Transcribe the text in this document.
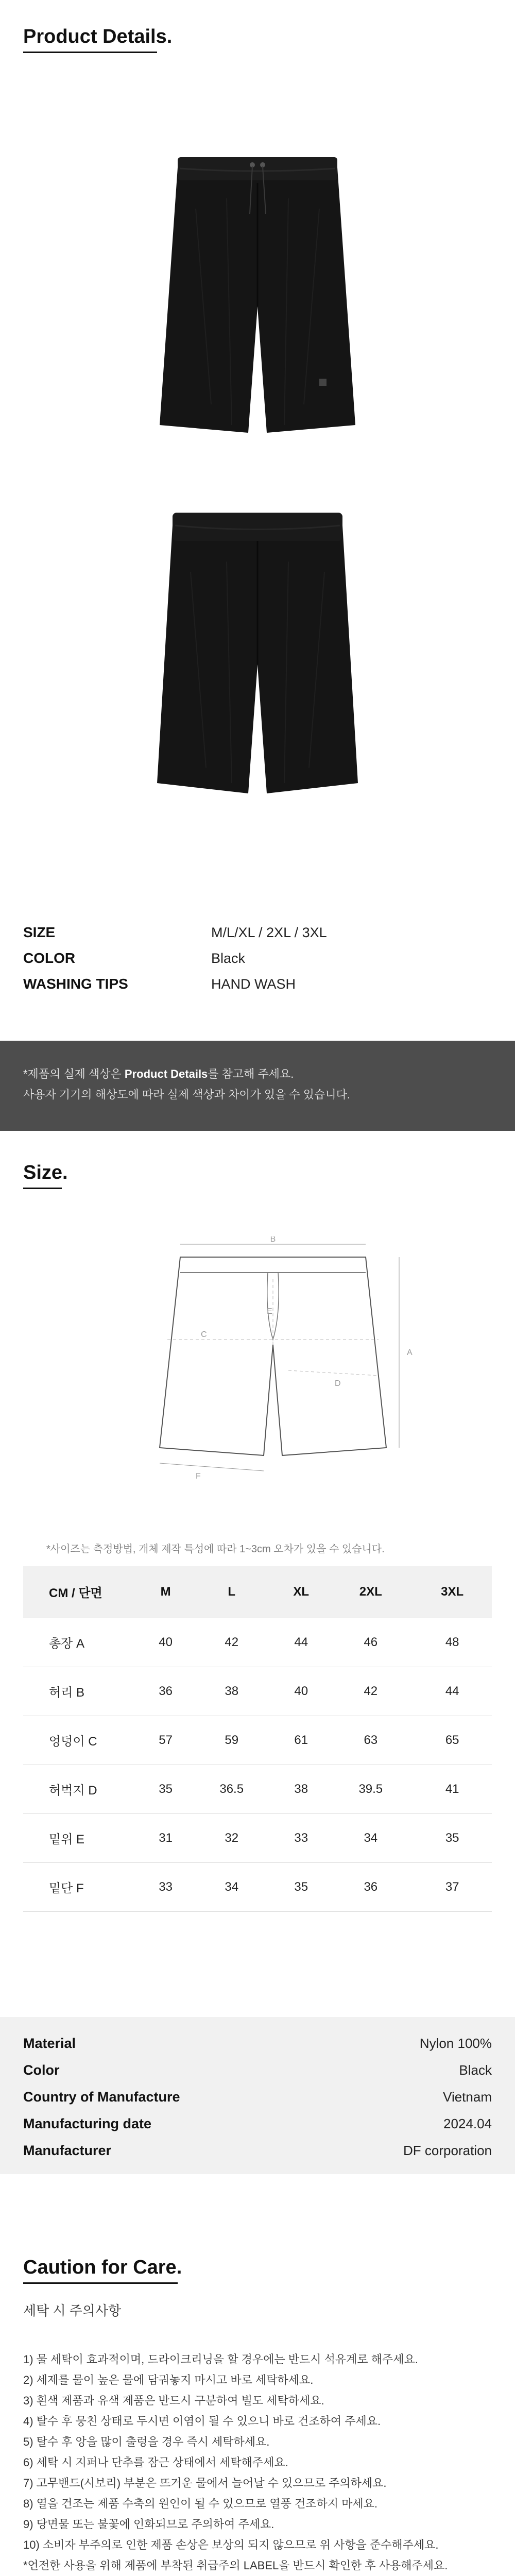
Product Details.
SIZE	M/L/XL / 2XL / 3XL
COLOR	Black
WASHING TIPS	HAND WASH
*제품의 실제 색상은 Product Details를 참고해 주세요.
사용자 기기의 해상도에 따라 실제 색상과 차이가 있을 수 있습니다.
Size.
B
A
C
D
E
F
*사이즈는 측정방법, 개체 제작 특성에 따라 1~3cm 오차가 있을 수 있습니다.
CM / 단면	M	L	XL	2XL	3XL
총장 A	40	42	44	46	48
허리 B	36	38	40	42	44
엉덩이 C	57	59	61	63	65
허벅지 D	35	36.5	38	39.5	41
밑위 E	31	32	33	34	35
밑단 F	33	34	35	36	37
Material	Nylon 100%
Color	Black
Country of Manufacture	Vietnam
Manufacturing date	2024.04
Manufacturer	DF corporation
Caution for Care.
세탁 시 주의사항
1) 물 세탁이 효과적이며, 드라이크리닝을 할 경우에는 반드시 석유계로 해주세요.
2) 세제를 물이 높은 물에 담궈놓지 마시고 바로 세탁하세요.
3) 흰색 제품과 유색 제품은 반드시 구분하여 별도 세탁하세요.
4) 탈수 후 뭉친 상태로 두시면 이염이 될 수 있으니 바로 건조하여 주세요.
5) 탈수 후 앙을 많이 출렁을 경우 즉시 세탁하세요.
6) 세탁 시 지퍼나 단추를 잠근 상태에서 세탁해주세요.
7) 고무밴드(시보리) 부분은 뜨거운 물에서 늘어날 수 있으므로 주의하세요.
8) 열을 건조는 제품 수축의 원인이 될 수 있으므로 열풍 건조하지 마세요.
9) 당면물 또는 불꽃에 인화되므로 주의하여 주세요.
10) 소비자 부주의로 인한 제품 손상은 보상의 되지 않으므로 위 사항을 준수해주세요.
*언전한 사용을 위해 제품에 부착된 취급주의 LABEL을 반드시 확인한 후 사용해주세요.
